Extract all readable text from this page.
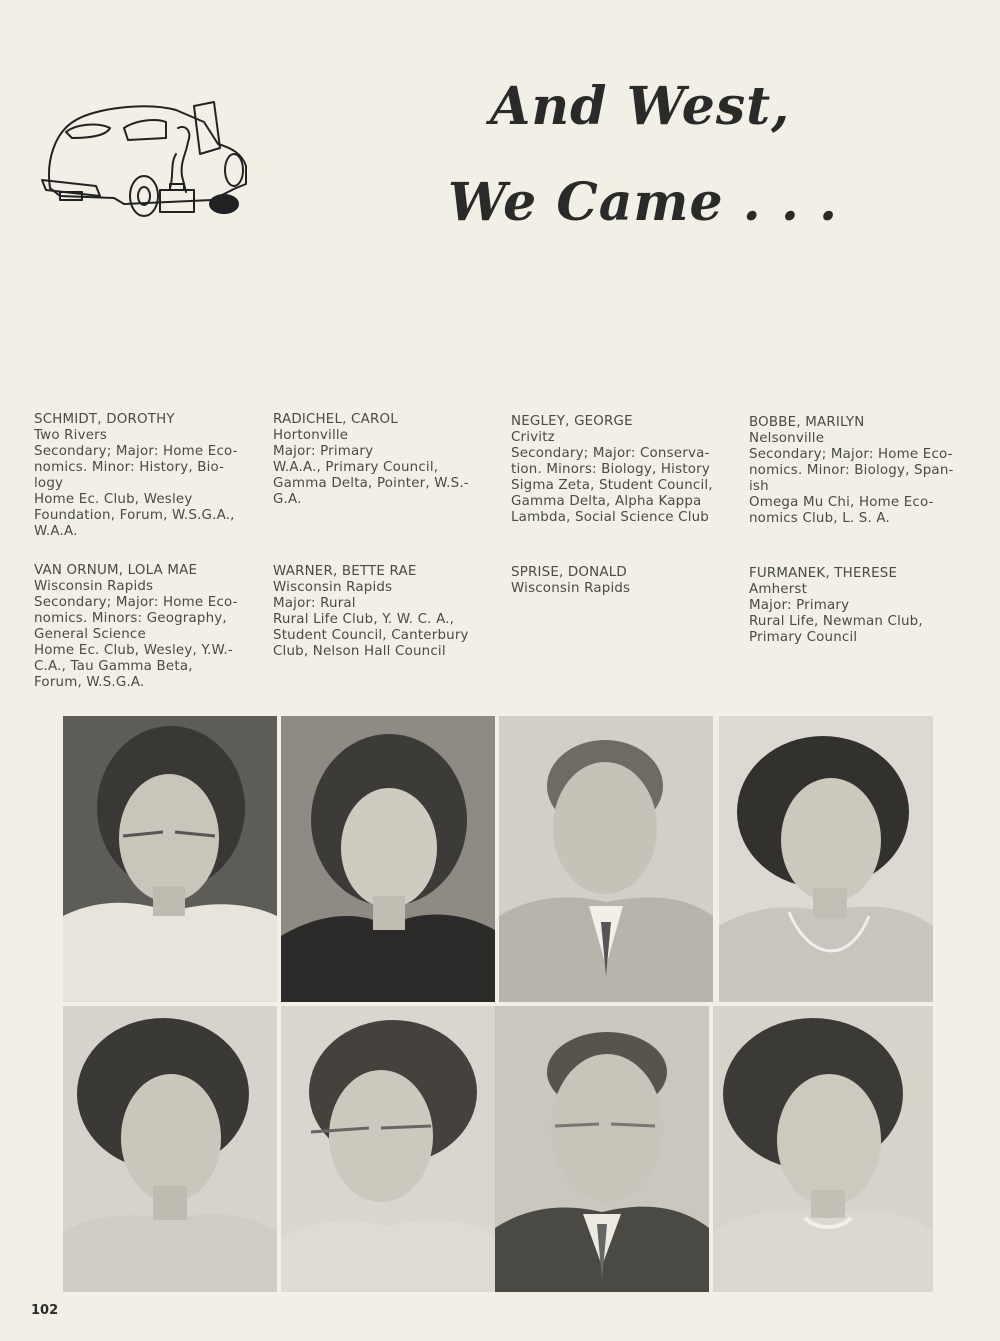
And West,
We Came . . .
SCHMIDT, DOROTHY
Two Rivers
Secondary; Major: Home Eco-
nomics. Minor: History, Bio-
logy
Home Ec. Club, Wesley
Foundation, Forum, W.S.G.A.,
W.A.A.
RADICHEL, CAROL
Hortonville
Major: Primary
W.A.A., Primary Council,
Gamma Delta, Pointer, W.S.-
G.A.
NEGLEY, GEORGE
Crivitz
Secondary; Major: Conserva-
tion. Minors: Biology, History
Sigma Zeta, Student Council,
Gamma Delta, Alpha Kappa
Lambda, Social Science Club
BOBBE, MARILYN
Nelsonville
Secondary; Major: Home Eco-
nomics. Minor: Biology, Span-
ish
Omega Mu Chi, Home Eco-
nomics Club, L. S. A.
VAN ORNUM, LOLA MAE
Wisconsin Rapids
Secondary; Major: Home Eco-
nomics. Minors: Geography,
General Science
Home Ec. Club, Wesley, Y.W.-
C.A., Tau Gamma Beta,
Forum, W.S.G.A.
WARNER, BETTE RAE
Wisconsin Rapids
Major: Rural
Rural Life Club, Y. W. C. A.,
Student Council, Canterbury
Club, Nelson Hall Council
SPRISE, DONALD
Wisconsin Rapids
FURMANEK, THERESE
Amherst
Major: Primary
Rural Life, Newman Club,
Primary Council
102
